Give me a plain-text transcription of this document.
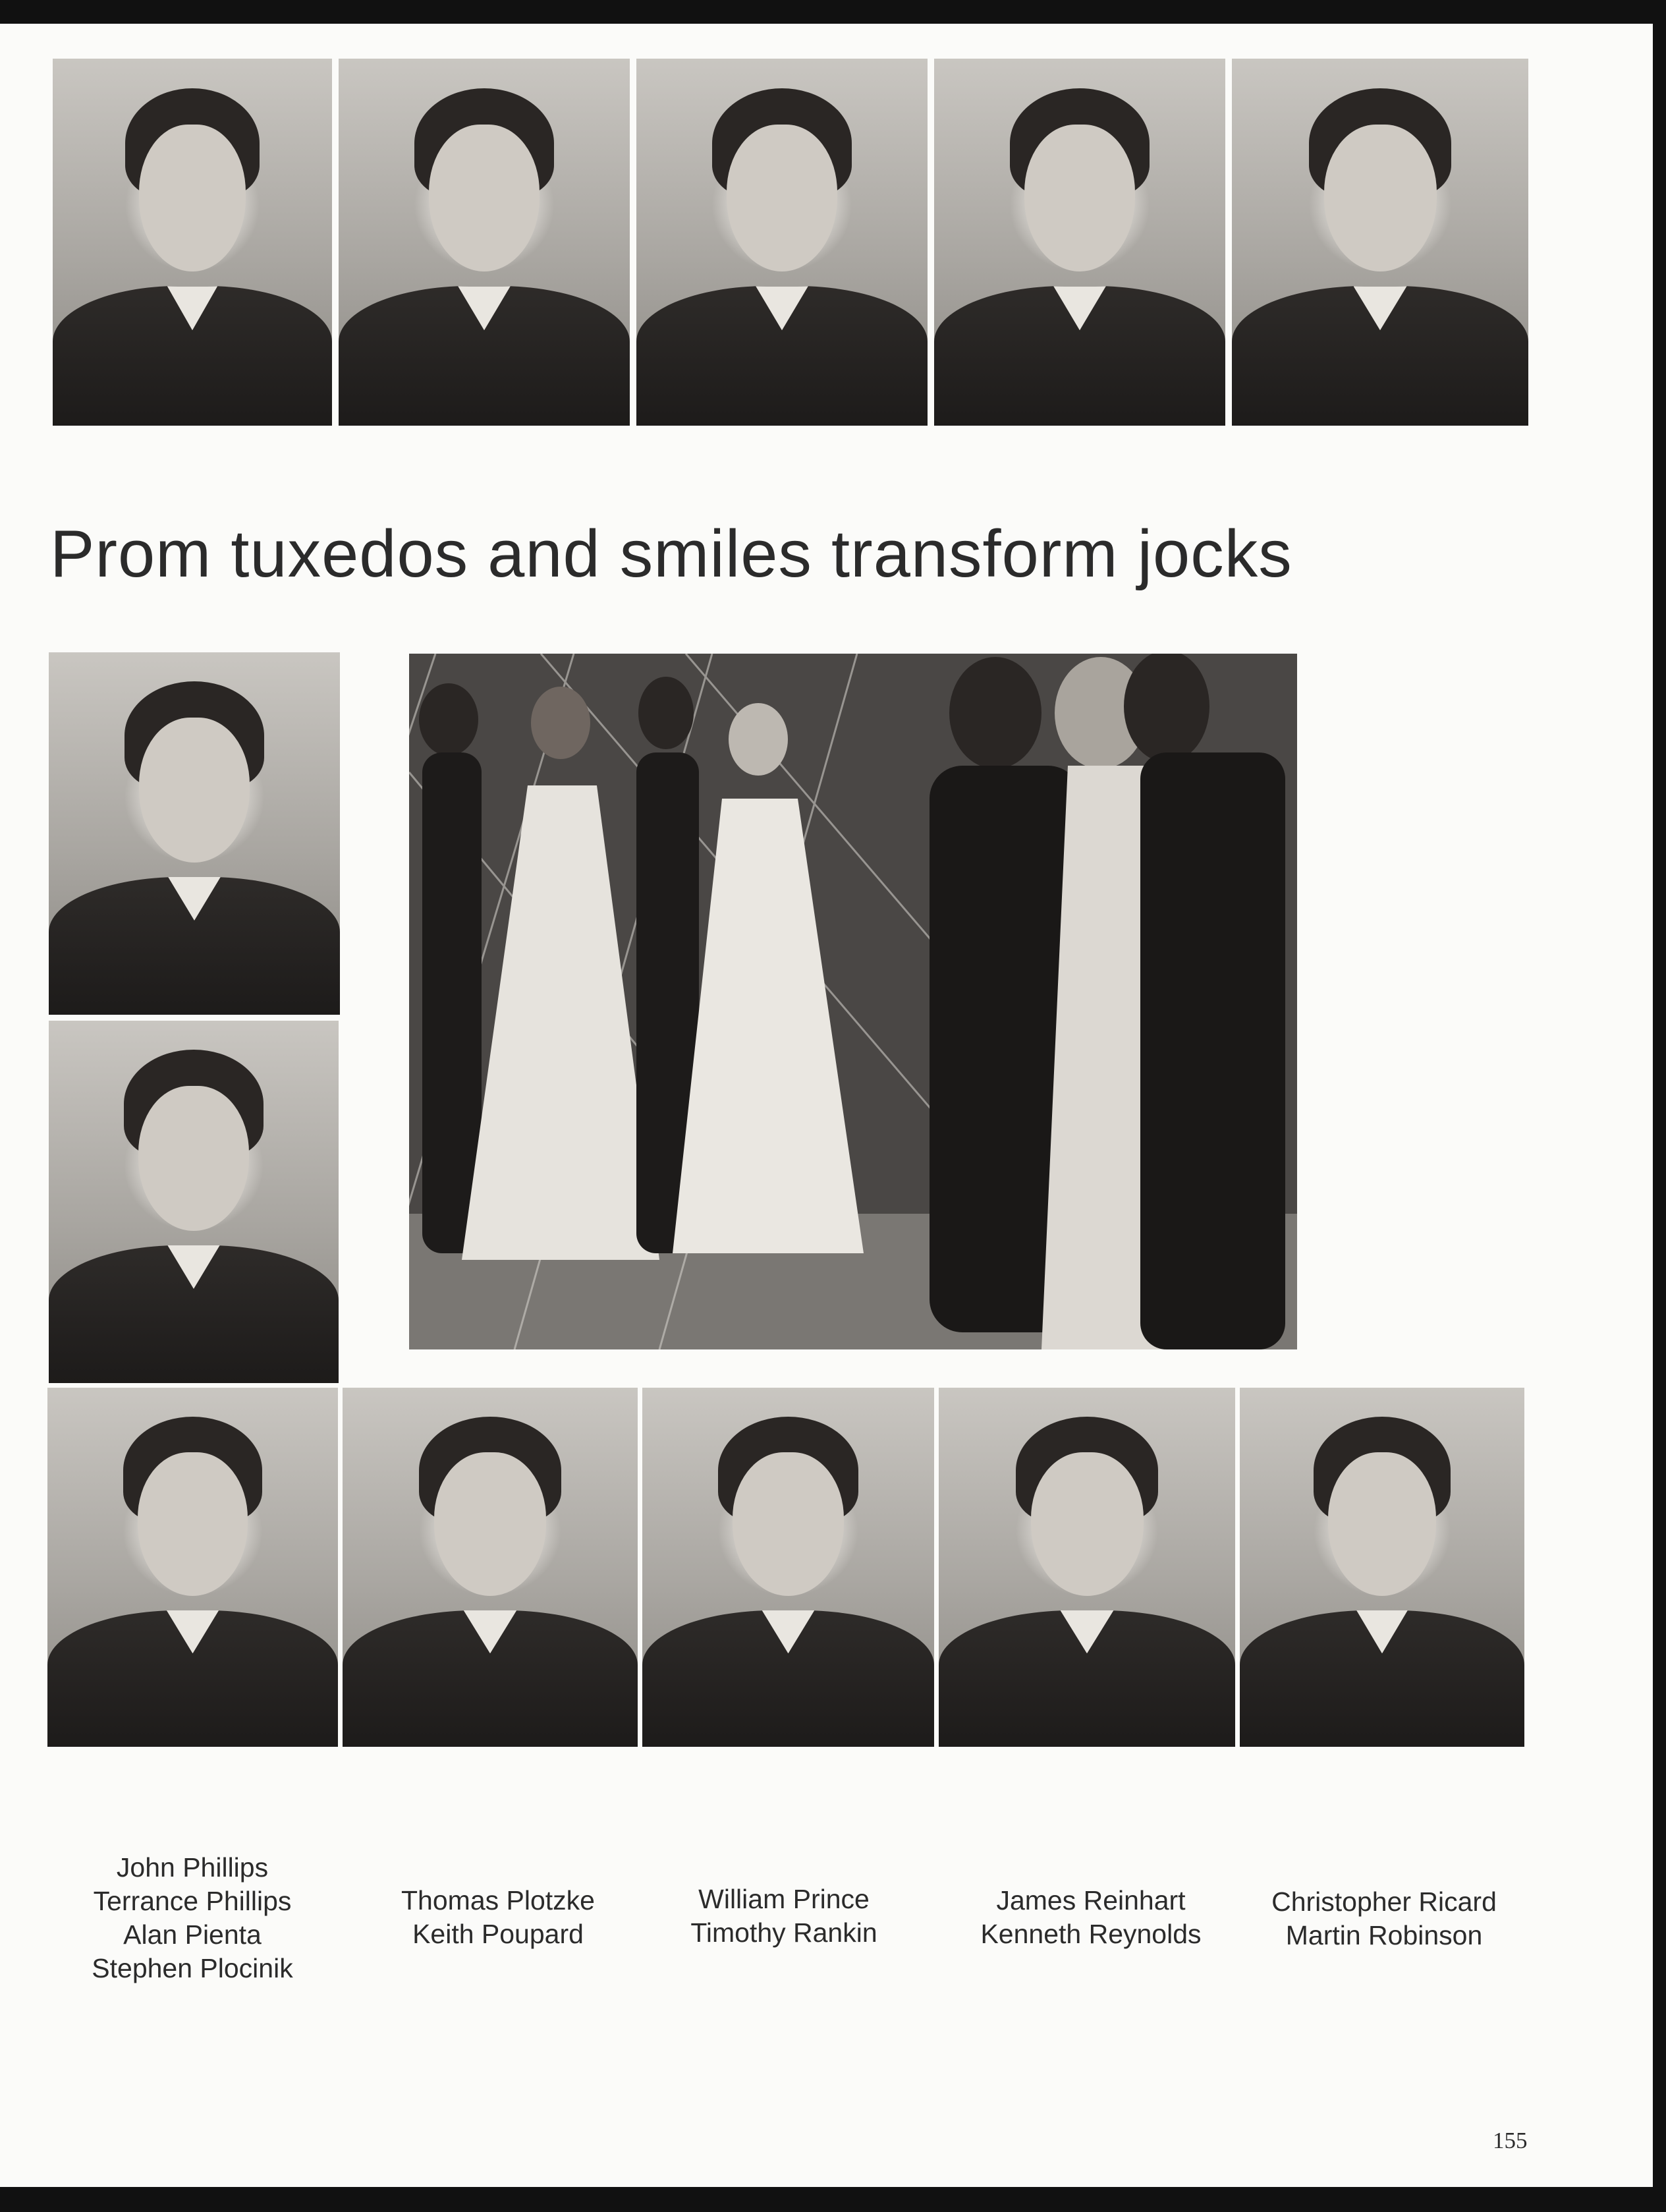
Prom tuxedos and smiles transform jocks
John Phillips
Terrance Phillips
Alan Pienta
Stephen Plocinik
Thomas Plotzke
Keith Poupard
William Prince
Timothy Rankin
James Reinhart
Kenneth Reynolds
Christopher Ricard
Martin Robinson
155
